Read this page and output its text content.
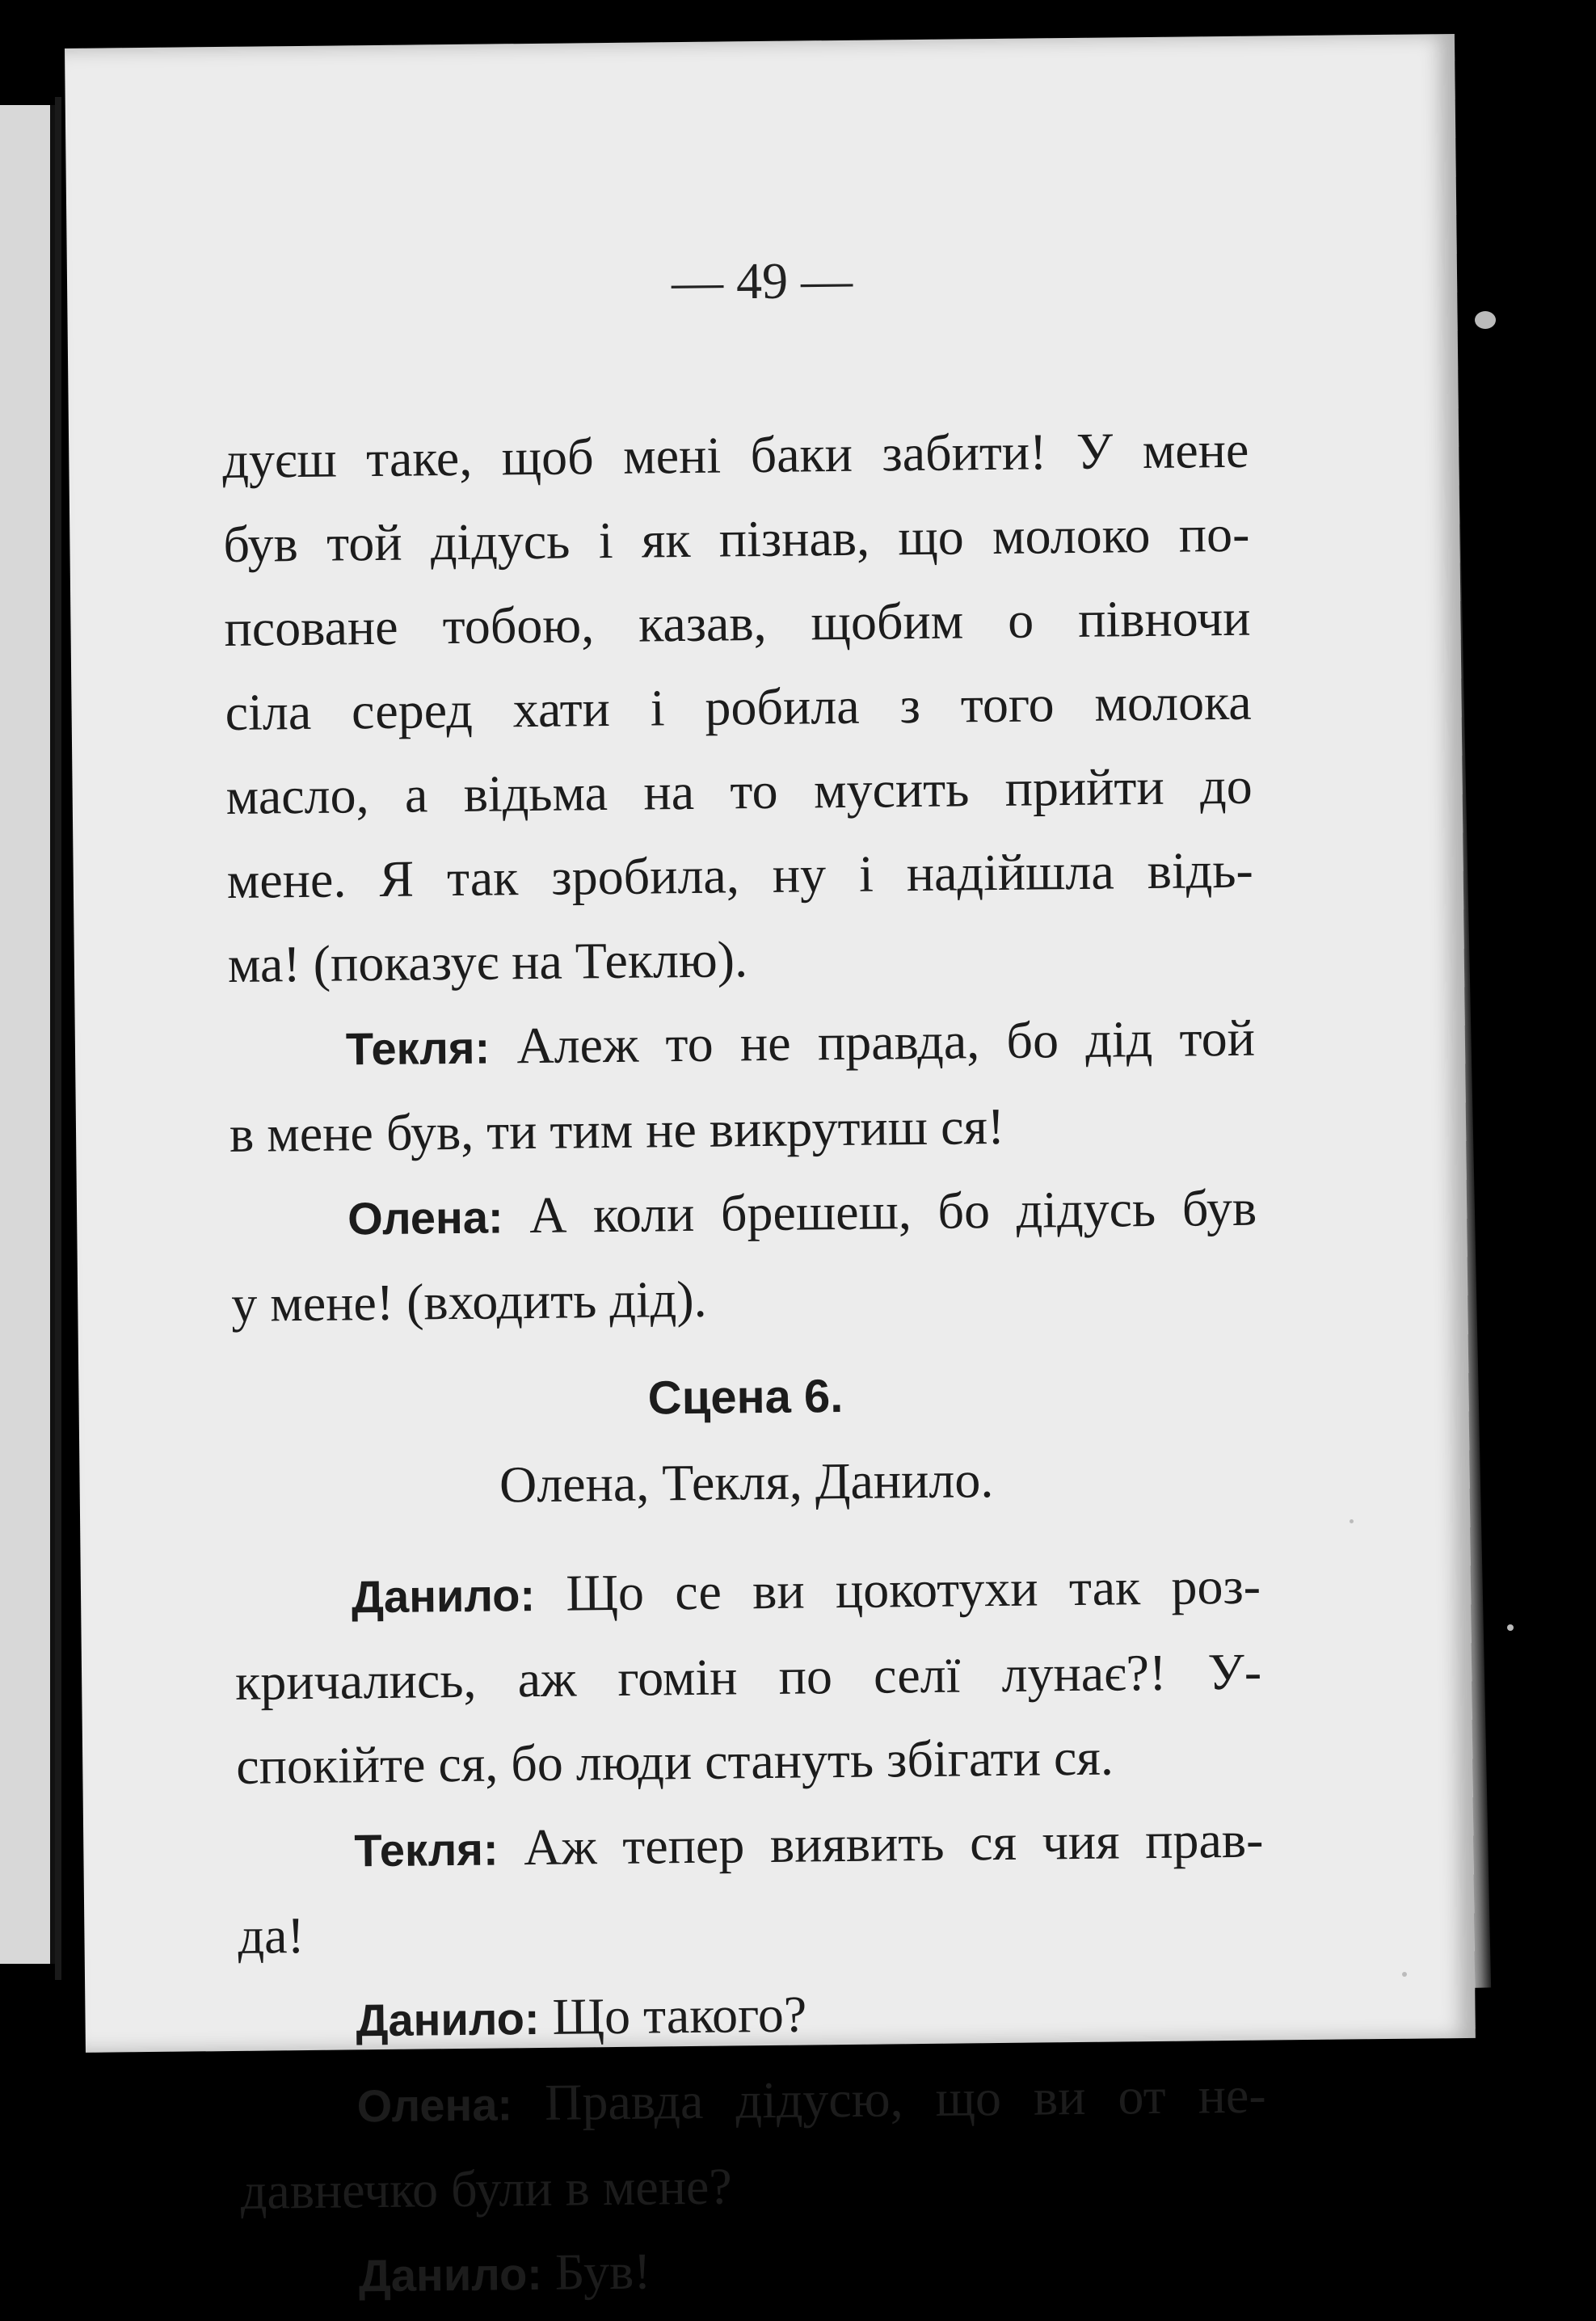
— 49 —
дуєш таке, щоб мені баки забити! У мене
був той дідусь і як пізнав, що молоко по-
псоване тобою, казав, щобим о півночи
сіла серед хати і робила з того молока
масло, а відьма на то мусить прийти до
мене. Я так зробила, ну і надійшла відь-
ма! (показує на Теклю).
Текля: Алеж то не правда, бо дід той
в мене був, ти тим не викрутиш ся!
Олена: А коли брешеш, бо дідусь був
у мене! (входить дід).
Сцена 6.
Олена, Текля, Данило.
Данило: Що се ви цокотухи так роз-
кричались, аж гомін по селї лунає?! У-
спокійте ся, бо люди стануть збігати ся.
Текля: Аж тепер виявить ся чия прав-
да!
Данило: Що такого?
Олена: Правда дідусю, що ви от не-
давнечко були в мене?
Данило: Був!
